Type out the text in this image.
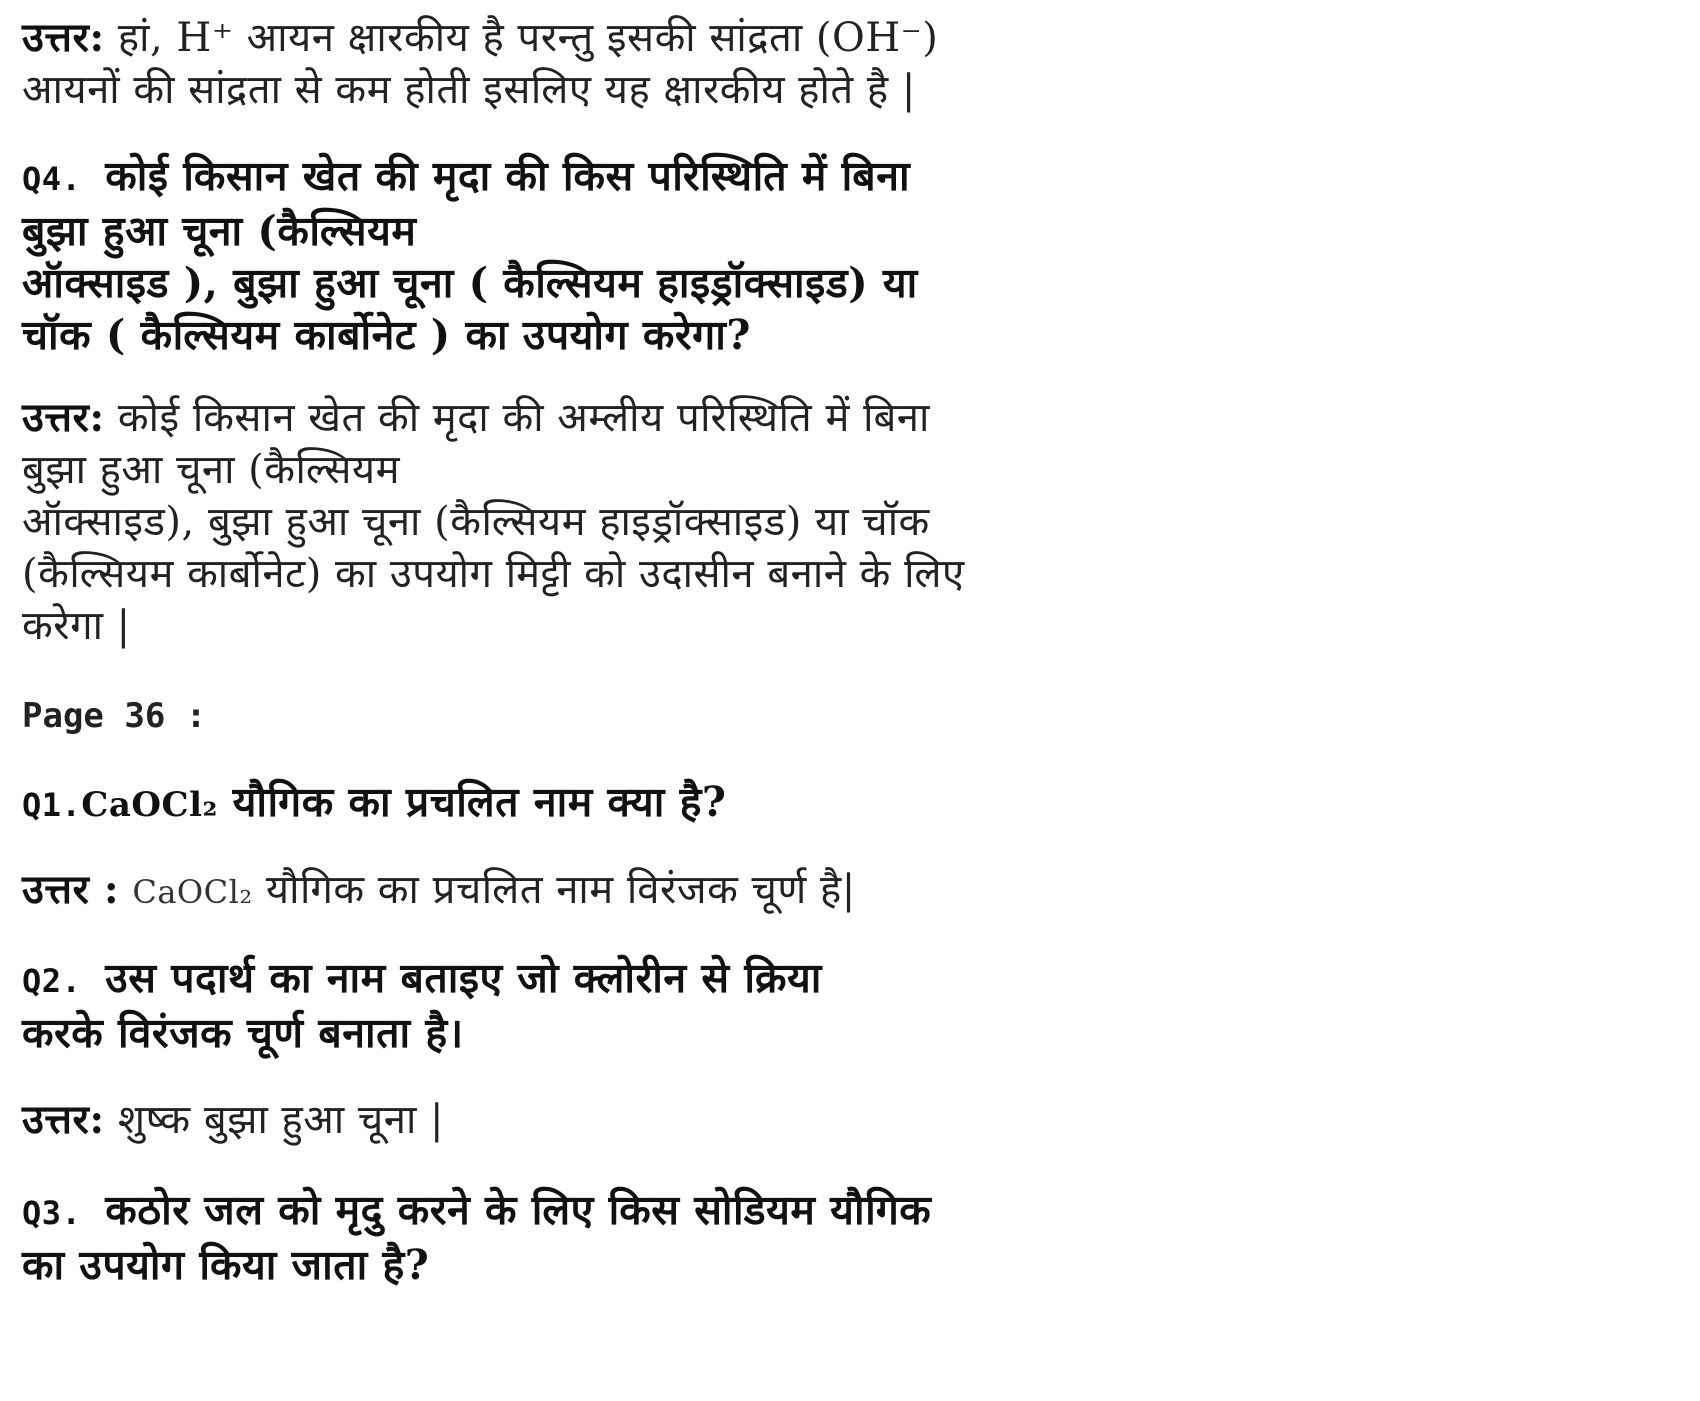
उत्तर: हां, H⁺ आयन क्षारकीय है परन्तु इसकी सांद्रता (OH⁻)
आयनों की सांद्रता से कम होती इसलिए यह क्षारकीय होते है |
Q4. कोई किसान खेत की मृदा की किस परिस्थिति में बिना
बुझा हुआ चूना (कैल्सियम
ऑक्साइड ), बुझा हुआ चूना ( कैल्सियम हाइड्रॉक्साइड) या
चॉक ( कैल्सियम कार्बोनेट ) का उपयोग करेगा?
उत्तर: कोई किसान खेत की मृदा की अम्लीय परिस्थिति में बिना
बुझा हुआ चूना (कैल्सियम
ऑक्साइड), बुझा हुआ चूना (कैल्सियम हाइड्रॉक्साइड) या चॉक
(कैल्सियम कार्बोनेट) का उपयोग मिट्टी को उदासीन बनाने के लिए
करेगा |
Page 36 :
Q1.CaOCl₂ यौगिक का प्रचलित नाम क्या है?
उत्तर : CaOCl₂ यौगिक का प्रचलित नाम विरंजक चूर्ण है|
Q2. उस पदार्थ का नाम बताइए जो क्लोरीन से क्रिया
करके विरंजक चूर्ण बनाता है।
उत्तर: शुष्क बुझा हुआ चूना |
Q3. कठोर जल को मृदु करने के लिए किस सोडियम यौगिक
का उपयोग किया जाता है?
